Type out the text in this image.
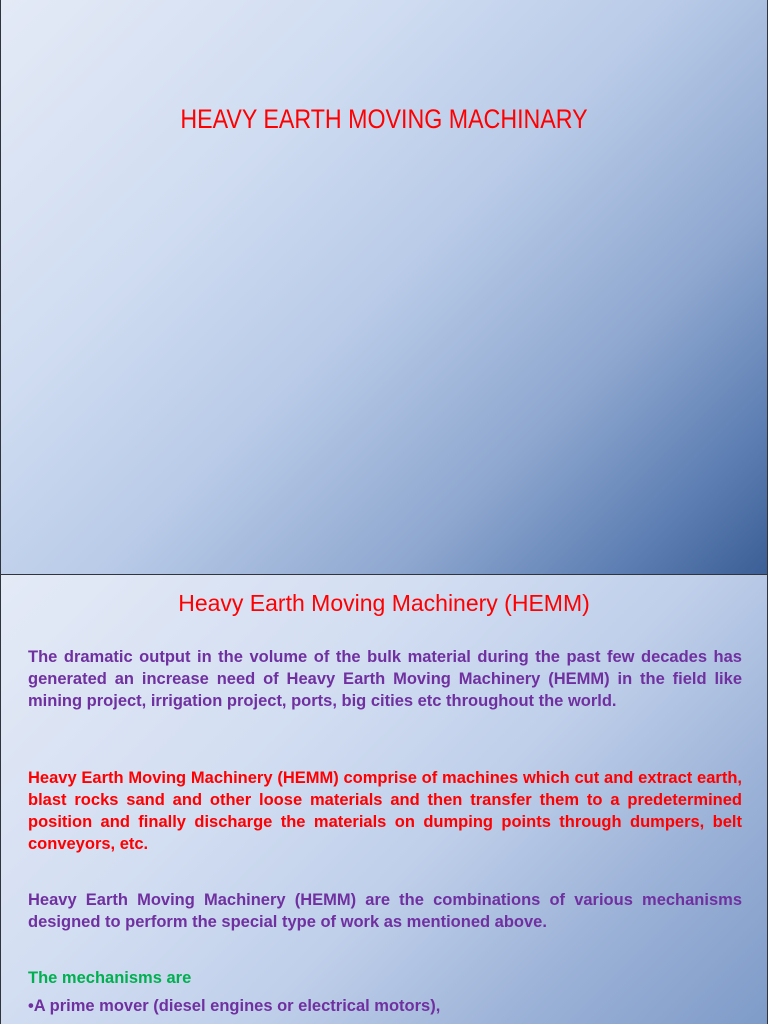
HEAVY EARTH MOVING MACHINARY
Heavy Earth Moving Machinery (HEMM)
The dramatic output in the volume of the bulk material during the past few decades has generated an increase need of Heavy Earth Moving Machinery (HEMM) in the field like mining project, irrigation project, ports, big cities etc throughout the world.
Heavy Earth Moving Machinery (HEMM) comprise of machines which cut and extract earth, blast rocks sand and other loose materials and then transfer them to a predetermined position and finally discharge the materials on dumping points through dumpers, belt conveyors, etc.
Heavy Earth Moving Machinery (HEMM) are the combinations of various mechanisms designed to perform the special type of work as mentioned above.
The mechanisms are
•A prime mover (diesel engines or electrical motors),
